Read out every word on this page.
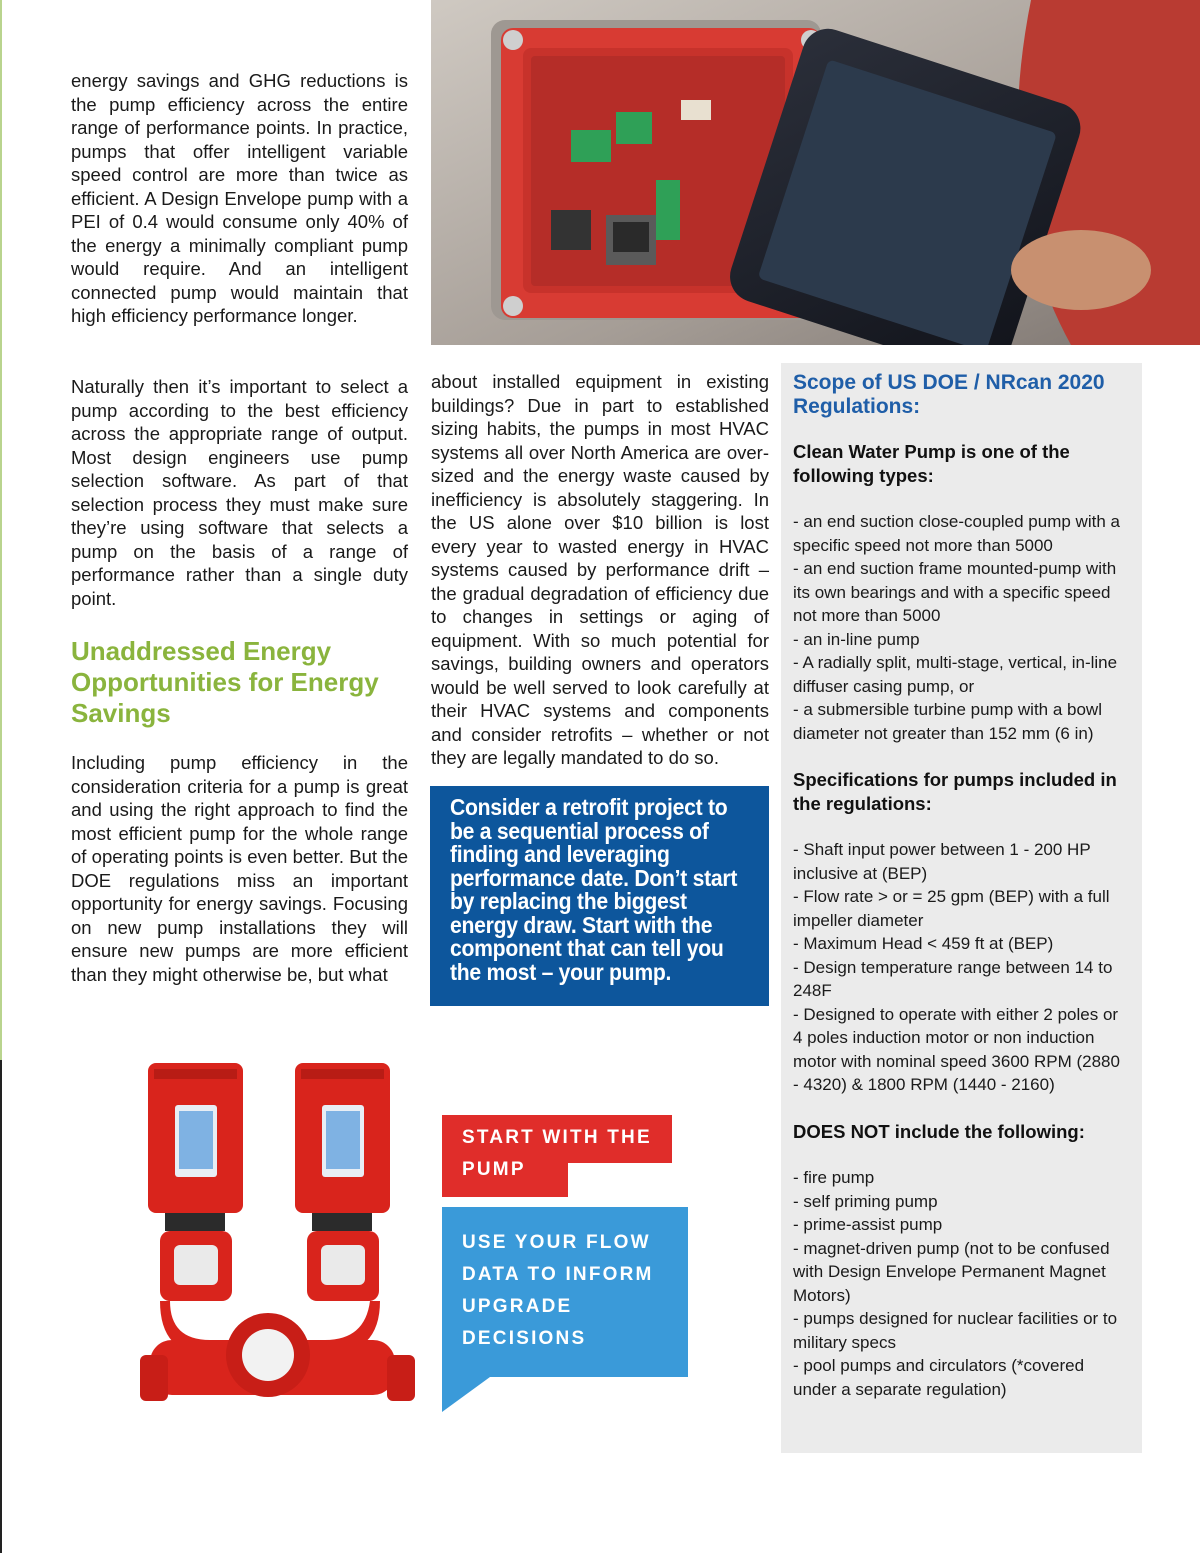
energy savings and GHG reductions is the pump efficiency across the entire range of performance points. In practice, pumps that offer intelligent variable speed control are more than twice as efficient. A Design Envelope pump with a PEI of 0.4 would consume only 40% of the energy a minimally compliant pump would require. And an intelligent connected pump would maintain that high efficiency performance longer.

Naturally then it’s important to select a pump according to the best efficiency across the appropriate range of output. Most design engineers use pump selection software. As part of that selection process they must make sure they’re using software that selects a pump on the basis of a range of performance rather than a single duty point.

Unaddressed Energy Opportunities for Energy Savings

Including pump efficiency in the consideration criteria for a pump is great and using the right approach to find the most efficient pump for the whole range of operating points is even better. But the DOE regulations miss an important opportunity for energy savings. Focusing on new pump installations they will ensure new pumps are more efficient than they might otherwise be, but what

about installed equipment in existing buildings? Due in part to established sizing habits, the pumps in most HVAC systems all over North America are over-sized and the energy waste caused by inefficiency is absolutely staggering. In the US alone over $10 billion is lost every year to wasted energy in HVAC systems caused by performance drift – the gradual degradation of efficiency due to changes in settings or aging of equipment. With so much potential for savings, building owners and operators would be well served to look carefully at their HVAC systems and components and consider retrofits – whether or not they are legally mandated to do so.

Consider a retrofit project to be a sequential process of finding and leveraging performance date. Don’t start by replacing the biggest energy draw. Start with the component that can tell you the most – your pump.

Scope of US DOE / NRcan 2020 Regulations:

Clean Water Pump is one of the following types:

- an end suction close-coupled pump with a specific speed not more than 5000
- an end suction frame mounted-pump with its own bearings and with a specific speed not more than 5000
- an in-line pump
- A radially split, multi-stage, vertical, in-line diffuser casing pump, or
- a submersible turbine pump with a bowl diameter not greater than 152 mm (6 in)

Specifications for pumps included in the regulations:

- Shaft input power between 1 - 200 HP inclusive at (BEP)
- Flow rate > or = 25 gpm (BEP) with a full impeller diameter
- Maximum Head < 459 ft at (BEP)
- Design temperature range between 14 to 248F
- Designed to operate with either 2 poles or 4 poles induction motor or non induction motor with nominal speed 3600 RPM (2880 - 4320) & 1800 RPM (1440 - 2160)

DOES NOT include the following:

- fire pump
- self priming pump
- prime-assist pump
- magnet-driven pump (not to be confused with Design Envelope Permanent Magnet Motors)
- pumps designed for nuclear facilities or to military specs
- pool pumps and circulators (*covered under a separate regulation)

START WITH THE

PUMP

USE YOUR FLOW

DATA TO INFORM

UPGRADE

DECISIONS
